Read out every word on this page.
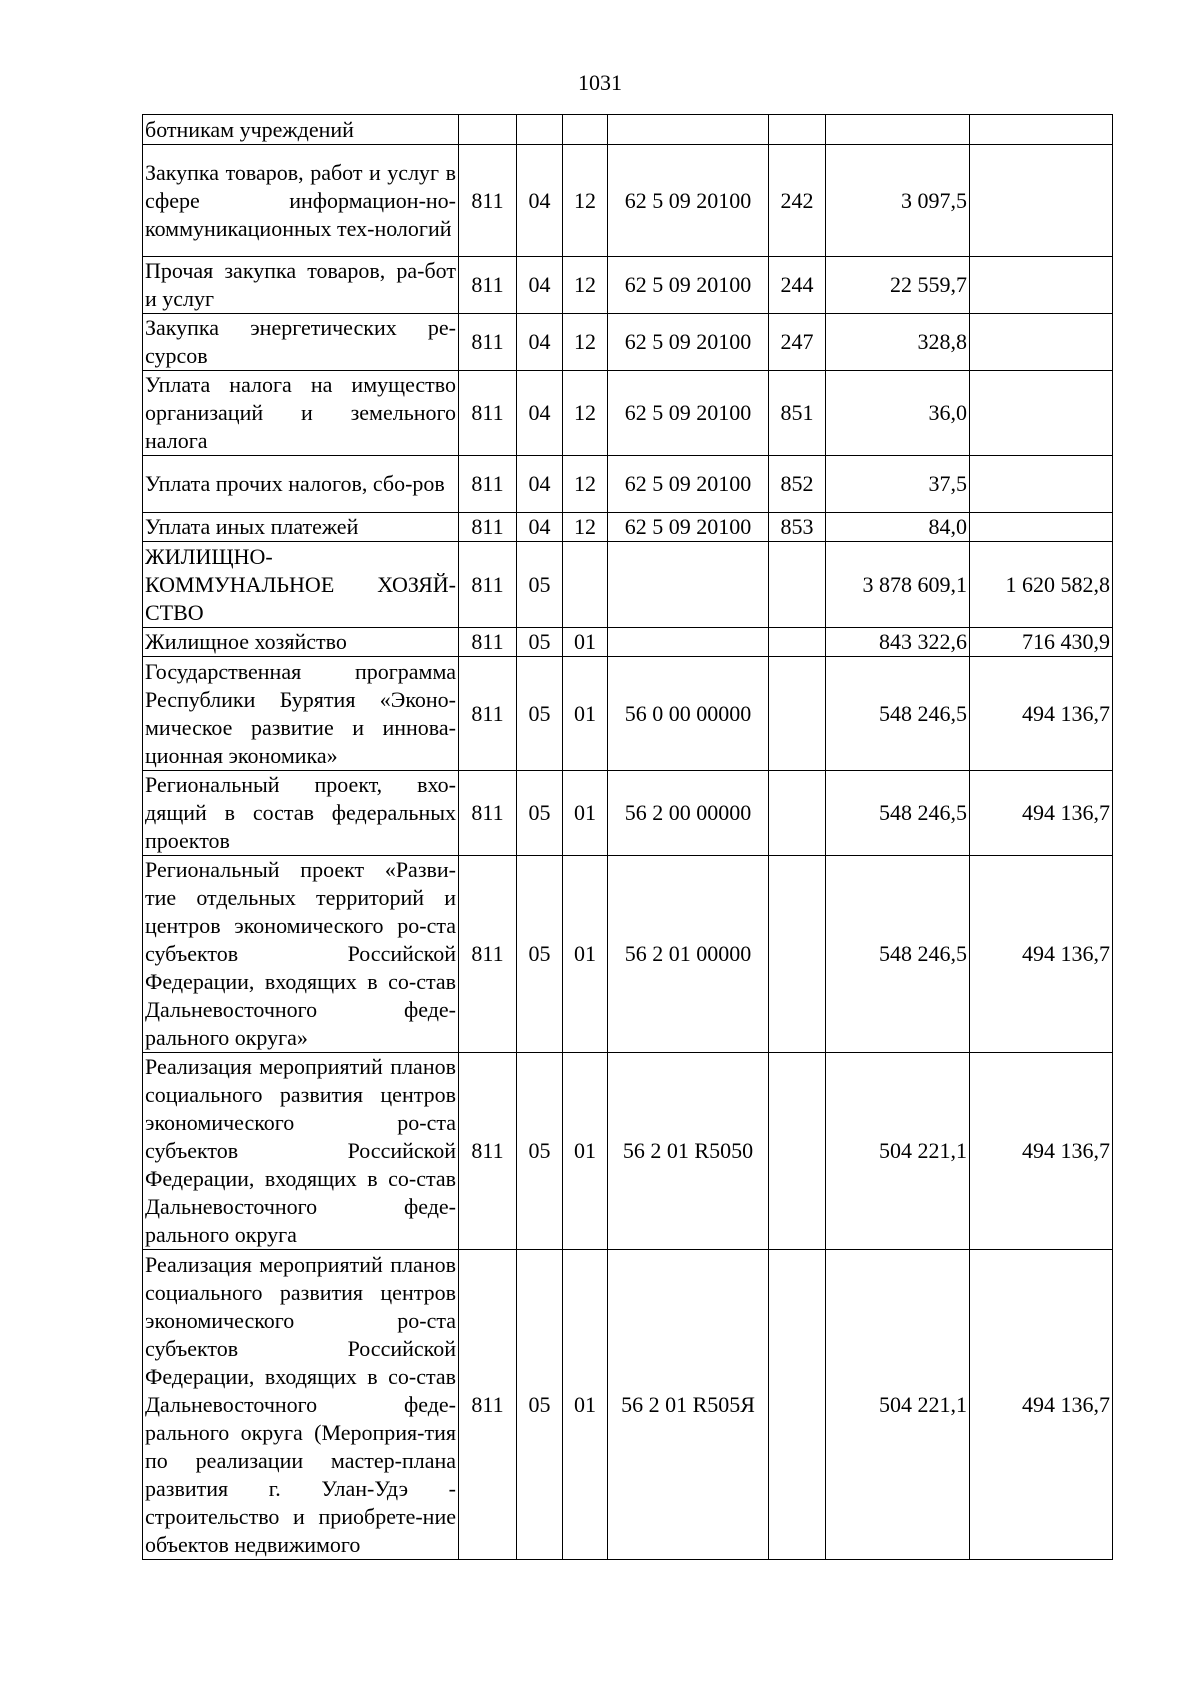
1031
ботникам учреждений							
Закупка товаров, работ и услуг в сфере информацион-но-коммуникационных тех-нологий	811	04	12	62 5 09 20100	242	3 097,5	
Прочая закупка товаров, ра-бот и услуг	811	04	12	62 5 09 20100	244	22 559,7	
Закупка энергетических ре-сурсов	811	04	12	62 5 09 20100	247	328,8	
Уплата налога на имущество организаций и земельного налога	811	04	12	62 5 09 20100	851	36,0	
Уплата прочих налогов, сбо-ров	811	04	12	62 5 09 20100	852	37,5	
Уплата иных платежей	811	04	12	62 5 09 20100	853	84,0	
ЖИЛИЩНО-КОММУНАЛЬНОЕ ХОЗЯЙ-СТВО	811	05				3 878 609,1	1 620 582,8
Жилищное хозяйство	811	05	01			843 322,6	716 430,9
Государственная программа Республики Бурятия «Эконо-мическое развитие и иннова-ционная экономика»	811	05	01	56 0 00 00000		548 246,5	494 136,7
Региональный проект, вхо-дящий в состав федеральных проектов	811	05	01	56 2 00 00000		548 246,5	494 136,7
Региональный проект «Разви-тие отдельных территорий и центров экономического ро-ста субъектов Российской Федерации, входящих в со-став Дальневосточного феде-рального округа»	811	05	01	56 2 01 00000		548 246,5	494 136,7
Реализация мероприятий планов социального развития центров экономического ро-ста субъектов Российской Федерации, входящих в со-став Дальневосточного феде-рального округа	811	05	01	56 2 01 R5050		504 221,1	494 136,7
Реализация мероприятий планов социального развития центров экономического ро-ста субъектов Российской Федерации, входящих в со-став Дальневосточного феде-рального округа (Мероприя-тия по реализации мастер-плана развития г. Улан-Удэ - строительство и приобрете-ние объектов недвижимого	811	05	01	56 2 01 R505Я		504 221,1	494 136,7
